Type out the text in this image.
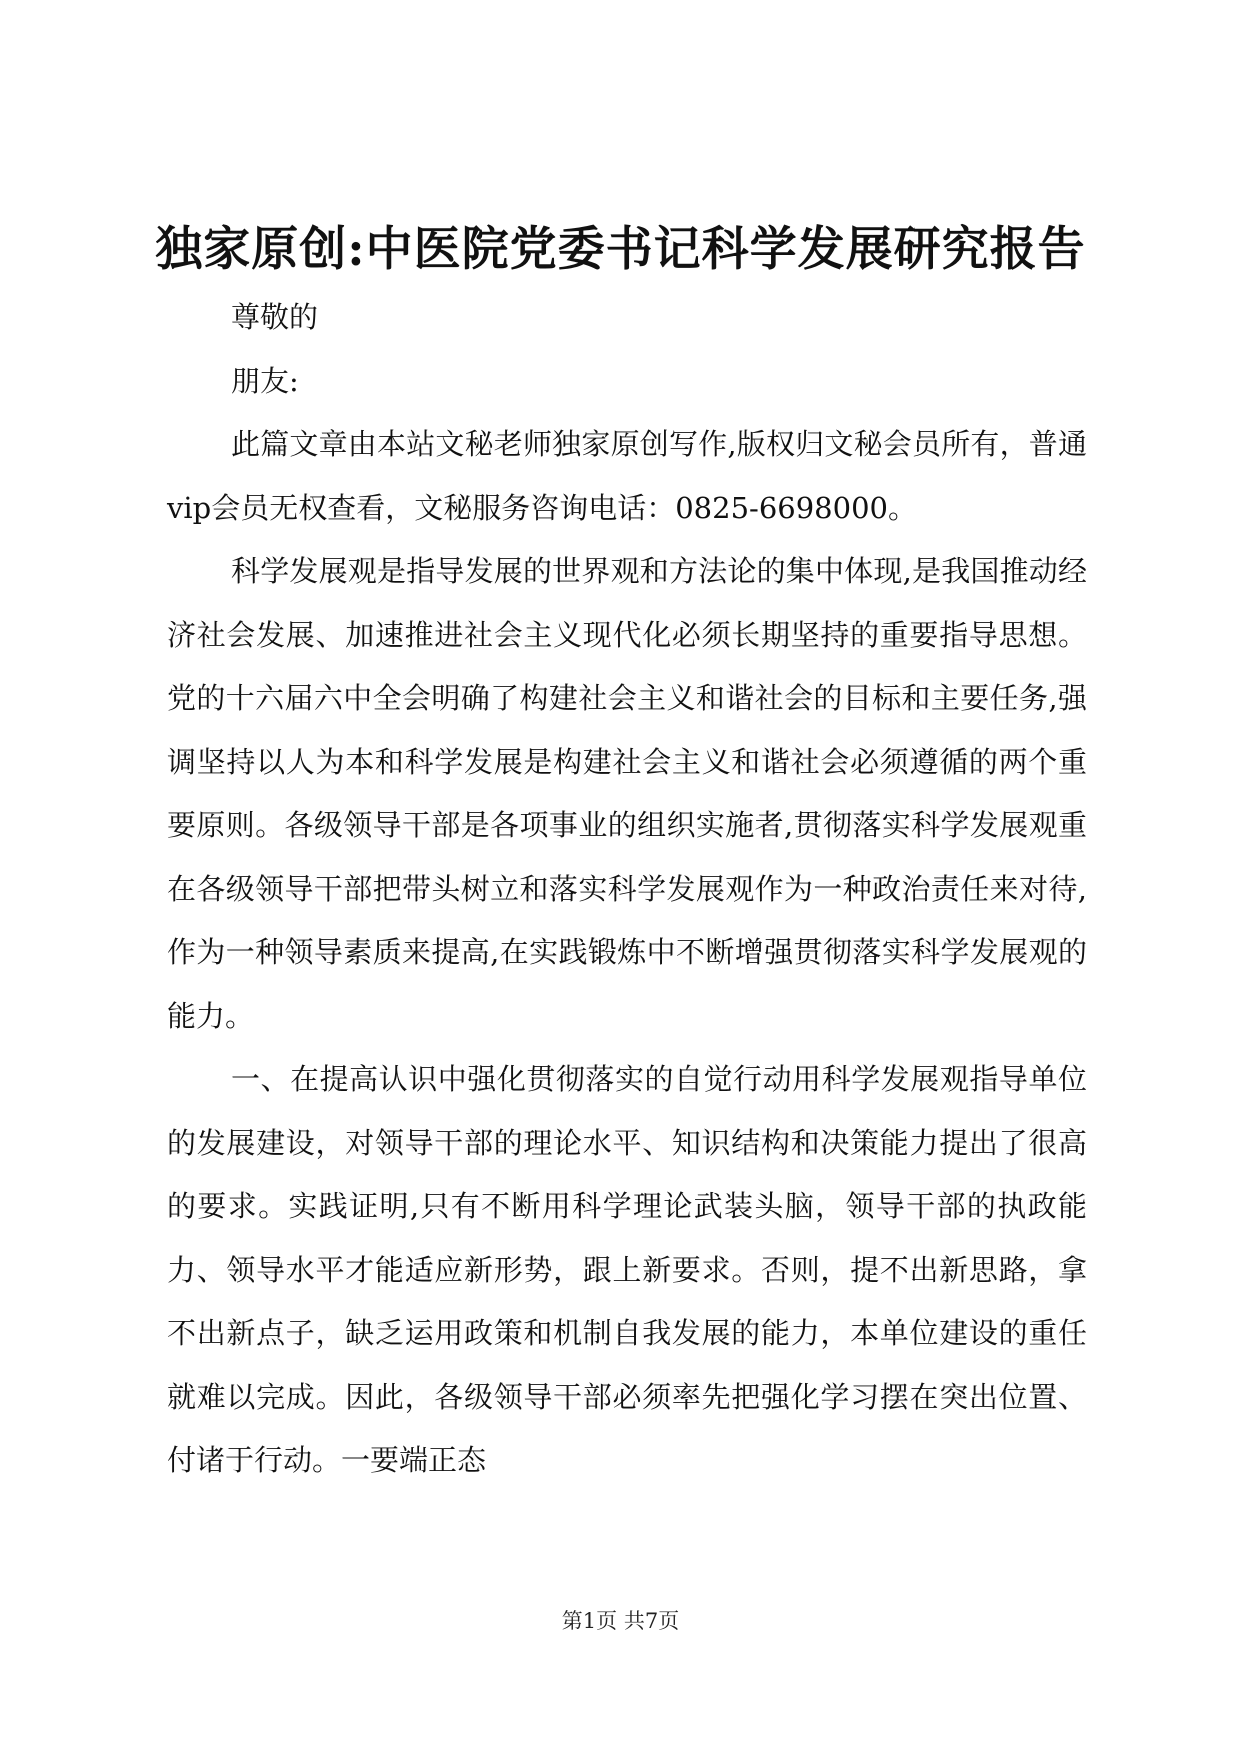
独家原创:中医院党委书记科学发展研究报告

尊敬的

朋友:

此篇文章由本站文秘老师独家原创写作,版权归文秘会员所有，普通vip会员无权查看，文秘服务咨询电话：0825-6698000。

科学发展观是指导发展的世界观和方法论的集中体现,是我国推动经济社会发展、加速推进社会主义现代化必须长期坚持的重要指导思想。党的十六届六中全会明确了构建社会主义和谐社会的目标和主要任务,强调坚持以人为本和科学发展是构建社会主义和谐社会必须遵循的两个重要原则。各级领导干部是各项事业的组织实施者,贯彻落实科学发展观重在各级领导干部把带头树立和落实科学发展观作为一种政治责任来对待,作为一种领导素质来提高,在实践锻炼中不断增强贯彻落实科学发展观的能力。

一、在提高认识中强化贯彻落实的自觉行动用科学发展观指导单位的发展建设，对领导干部的理论水平、知识结构和决策能力提出了很高的要求。实践证明,只有不断用科学理论武装头脑，领导干部的执政能力、领导水平才能适应新形势，跟上新要求。否则，提不出新思路，拿不出新点子，缺乏运用政策和机制自我发展的能力，本单位建设的重任就难以完成。因此，各级领导干部必须率先把强化学习摆在突出位置、付诸于行动。一要端正态

第1页 共7页
